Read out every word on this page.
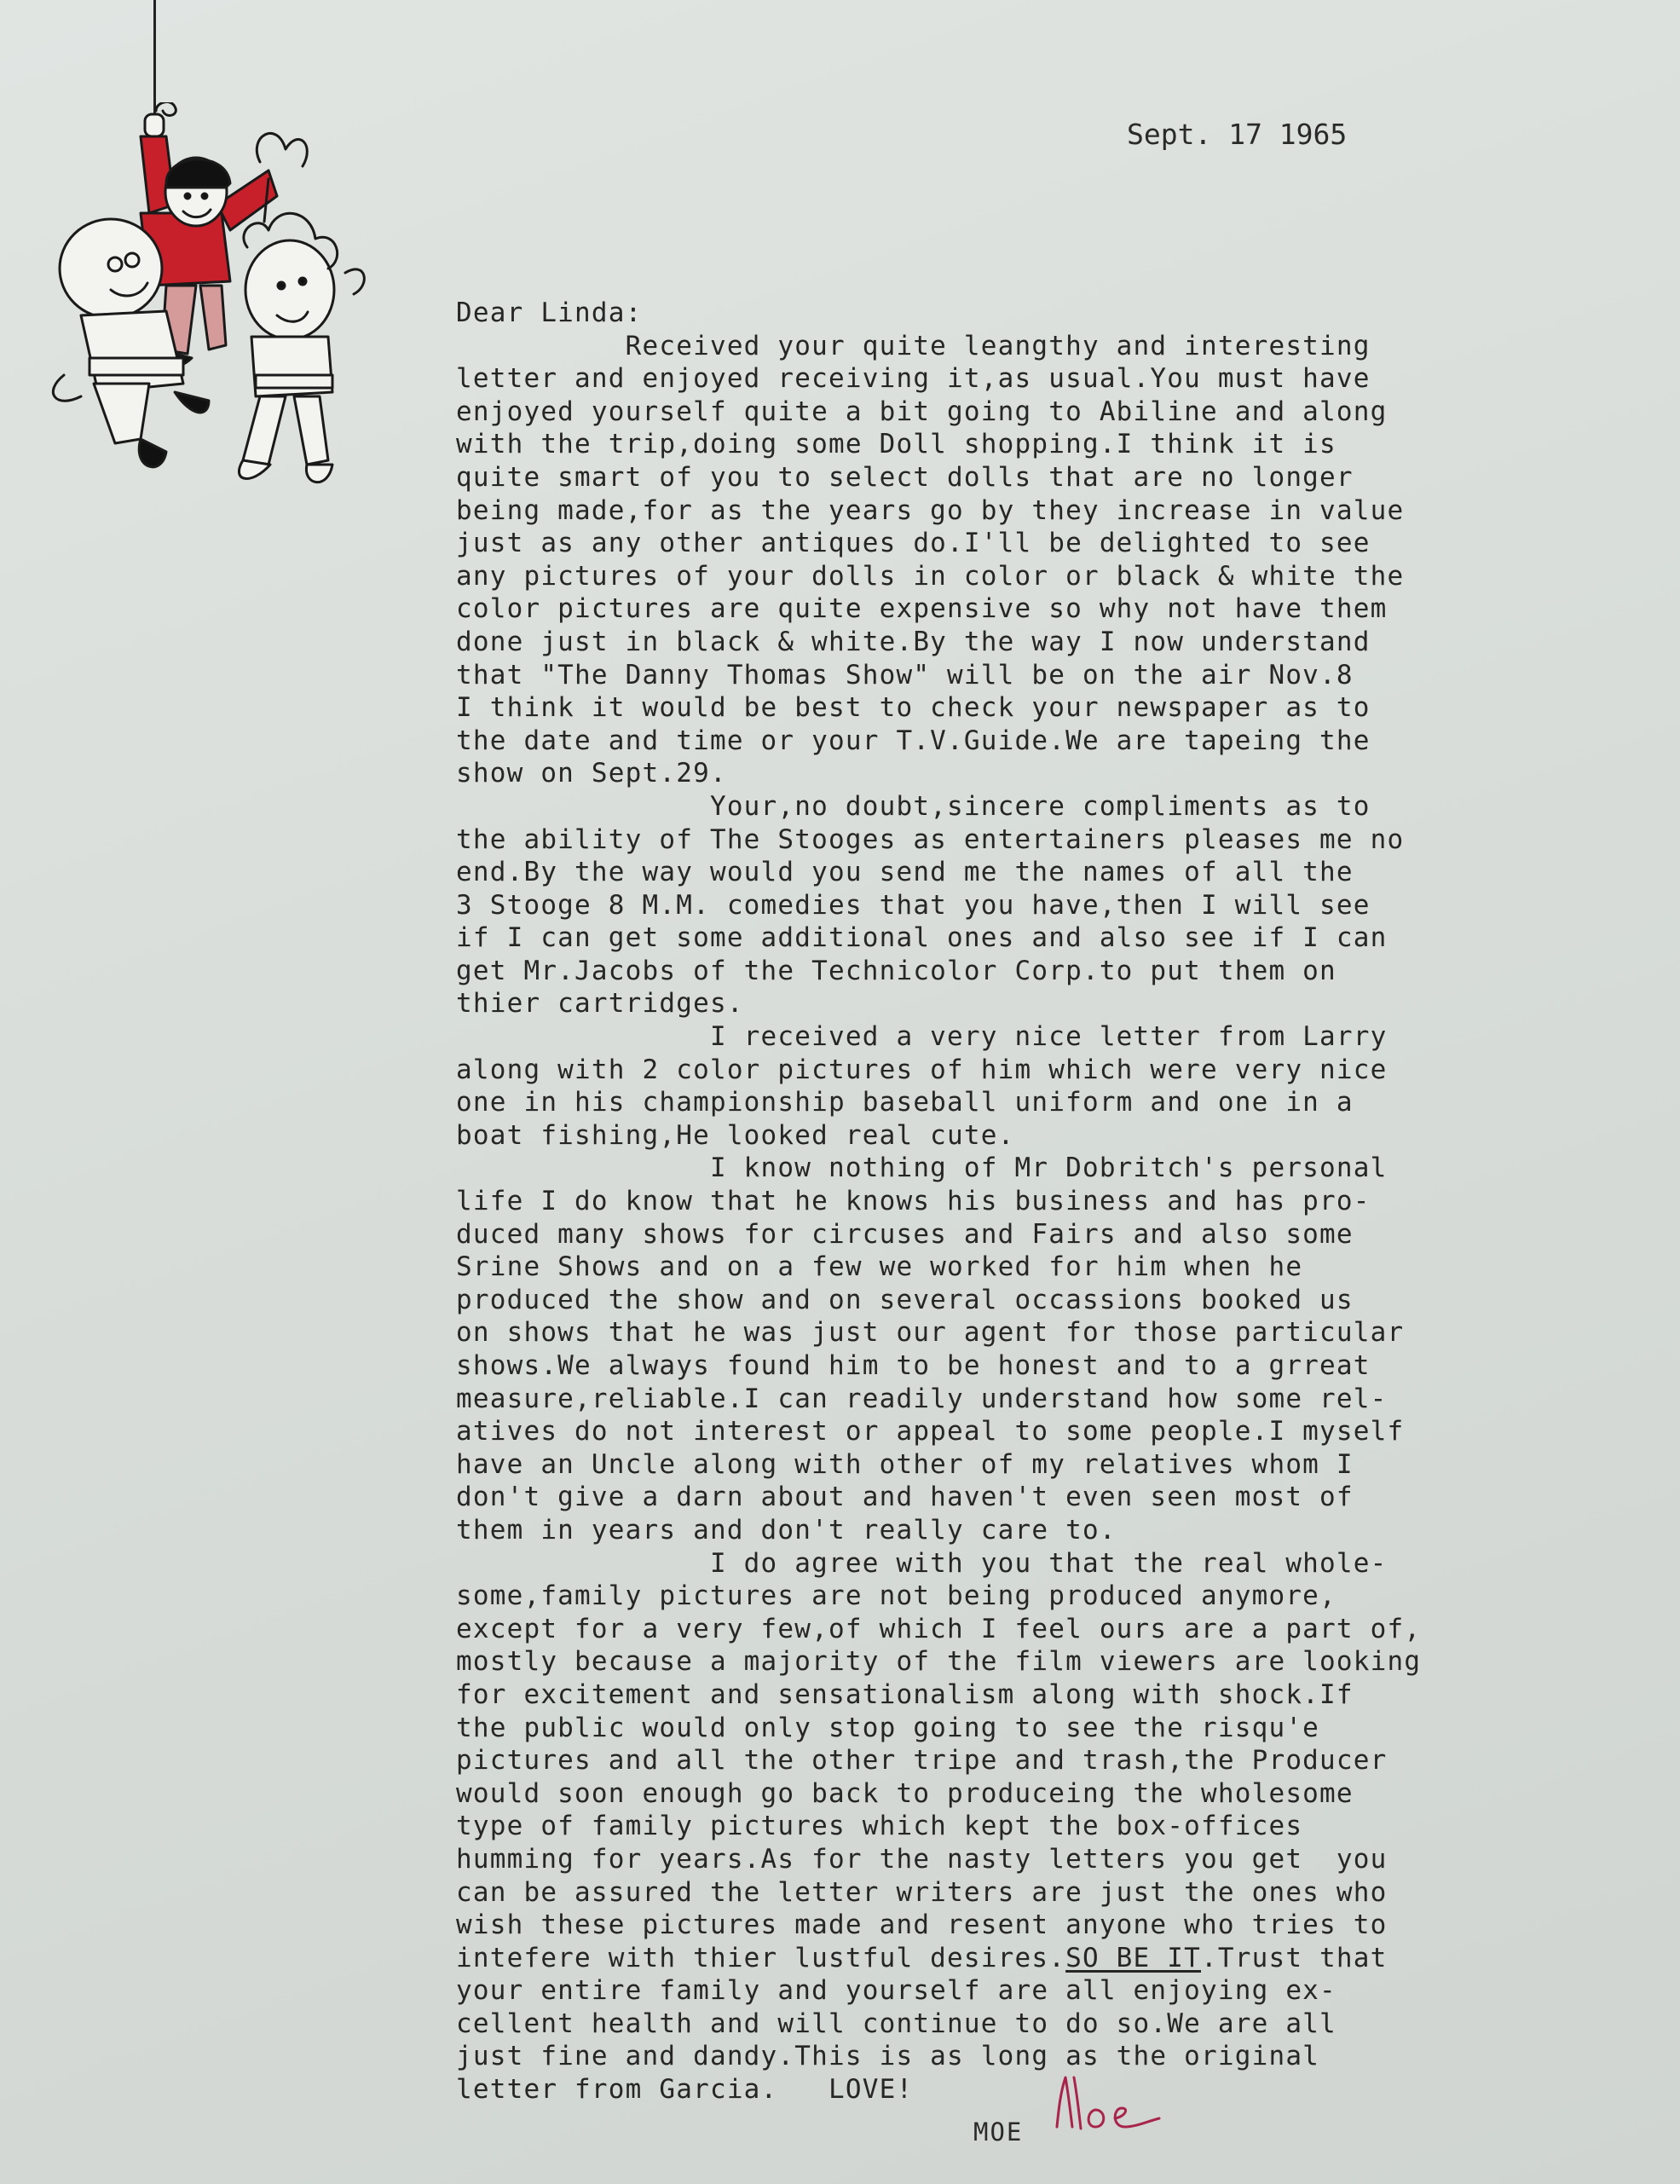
Sept. 17 1965
Dear Linda:
Received your quite leangthy and interesting
letter and enjoyed receiving it,as usual.You must have
enjoyed yourself quite a bit going to Abiline and along
with the trip,doing some Doll shopping.I think it is
quite smart of you to select dolls that are no longer
being made,for as the years go by they increase in value
just as any other antiques do.I'll be delighted to see
any pictures of your dolls in color or black & white the
color pictures are quite expensive so why not have them
done just in black & white.By the way I now understand
that "The Danny Thomas Show" will be on the air Nov.8
I think it would be best to check your newspaper as to
the date and time or your T.V.Guide.We are tapeing the
show on Sept.29.
Your,no doubt,sincere compliments as to
the ability of The Stooges as entertainers pleases me no
end.By the way would you send me the names of all the
3 Stooge 8 M.M. comedies that you have,then I will see
if I can get some additional ones and also see if I can
get Mr.Jacobs of the Technicolor Corp.to put them on
thier cartridges.
I received a very nice letter from Larry
along with 2 color pictures of him which were very nice
one in his championship baseball uniform and one in a
boat fishing,He looked real cute.
I know nothing of Mr Dobritch's personal
life I do know that he knows his business and has pro-
duced many shows for circuses and Fairs and also some
Srine Shows and on a few we worked for him when he
produced the show and on several occassions booked us
on shows that he was just our agent for those particular
shows.We always found him to be honest and to a grreat
measure,reliable.I can readily understand how some rel-
atives do not interest or appeal to some people.I myself
have an Uncle along with other of my relatives whom I
don't give a darn about and haven't even seen most of
them in years and don't really care to.
I do agree with you that the real whole-
some,family pictures are not being produced anymore,
except for a very few,of which I feel ours are a part of,
mostly because a majority of the film viewers are looking
for excitement and sensationalism along with shock.If
the public would only stop going to see the risqu'e
pictures and all the other tripe and trash,the Producer
would soon enough go back to produceing the wholesome
type of family pictures which kept the box-offices
humming for years.As for the nasty letters you get  you
can be assured the letter writers are just the ones who
wish these pictures made and resent anyone who tries to
intefere with thier lustful desires.SO BE IT.Trust that
your entire family and yourself are all enjoying ex-
cellent health and will continue to do so.We are all
just fine and dandy.This is as long as the original
letter from Garcia.   LOVE!
MOE
